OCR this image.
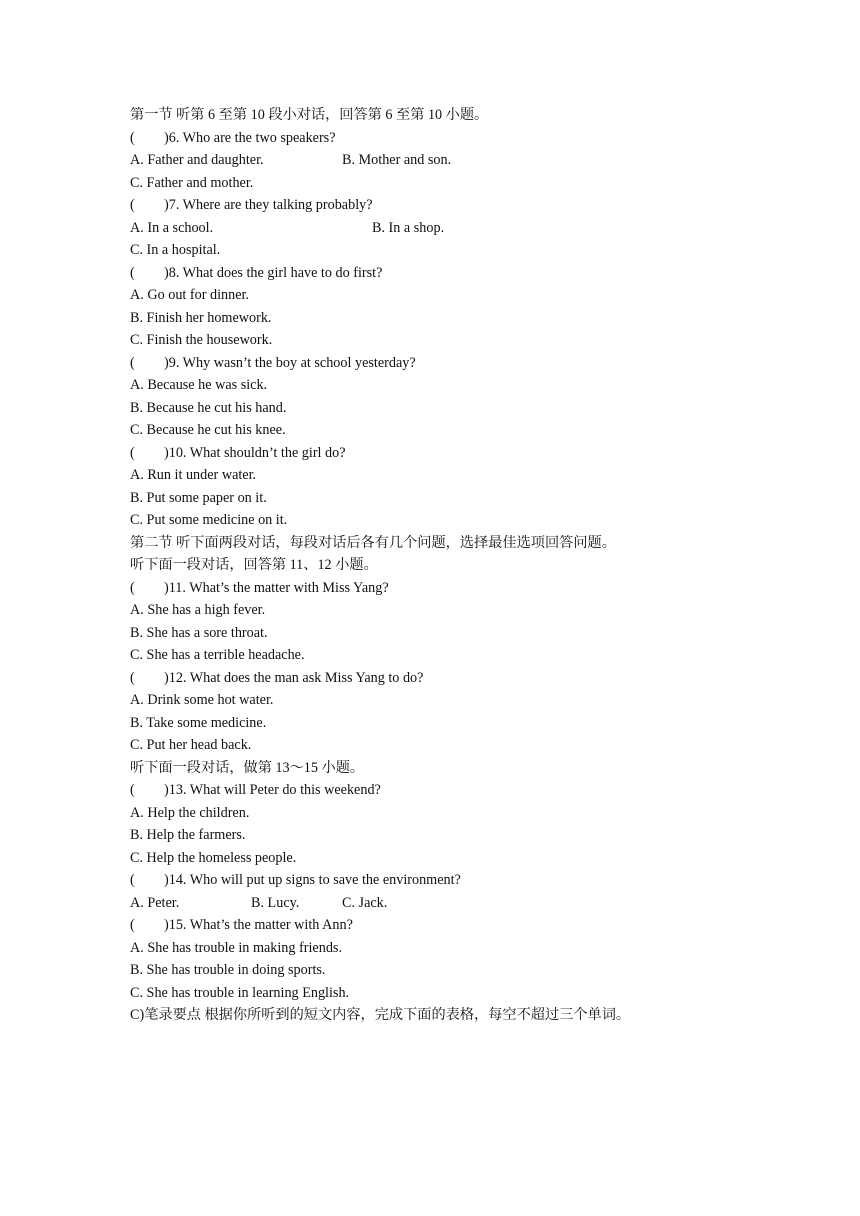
第一节 听第 6 至第 10 段小对话，回答第 6 至第 10 小题。
( )6. Who are the two speakers?
A. Father and daughter.	B. Mother and son.
C. Father and mother.
( )7. Where are they talking probably?
A. In a school.	B. In a shop.
C. In a hospital.
( )8. What does the girl have to do first?
A. Go out for dinner.
B. Finish her homework.
C. Finish the housework.
( )9. Why wasn’t the boy at school yesterday?
A. Because he was sick.
B. Because he cut his hand.
C. Because he cut his knee.
( )10. What shouldn’t the girl do?
A. Run it under water.
B. Put some paper on it.
C. Put some medicine on it.
第二节 听下面两段对话，每段对话后各有几个问题，选择最佳选项回答问题。
听下面一段对话，回答第 11、12 小题。
( )11. What’s the matter with Miss Yang?
A. She has a high fever.
B. She has a sore throat.
C. She has a terrible headache.
( )12. What does the man ask Miss Yang to do?
A. Drink some hot water.
B. Take some medicine.
C. Put her head back.
听下面一段对话，做第 13～15 小题。
( )13. What will Peter do this weekend?
A. Help the children.
B. Help the farmers.
C. Help the homeless people.
( )14. Who will put up signs to save the environment?
A. Peter.	B. Lucy.	C. Jack.
( )15. What’s the matter with Ann?
A. She has trouble in making friends.
B. She has trouble in doing sports.
C. She has trouble in learning English.
C)笔录要点 根据你所听到的短文内容，完成下面的表格，每空不超过三个单词。
